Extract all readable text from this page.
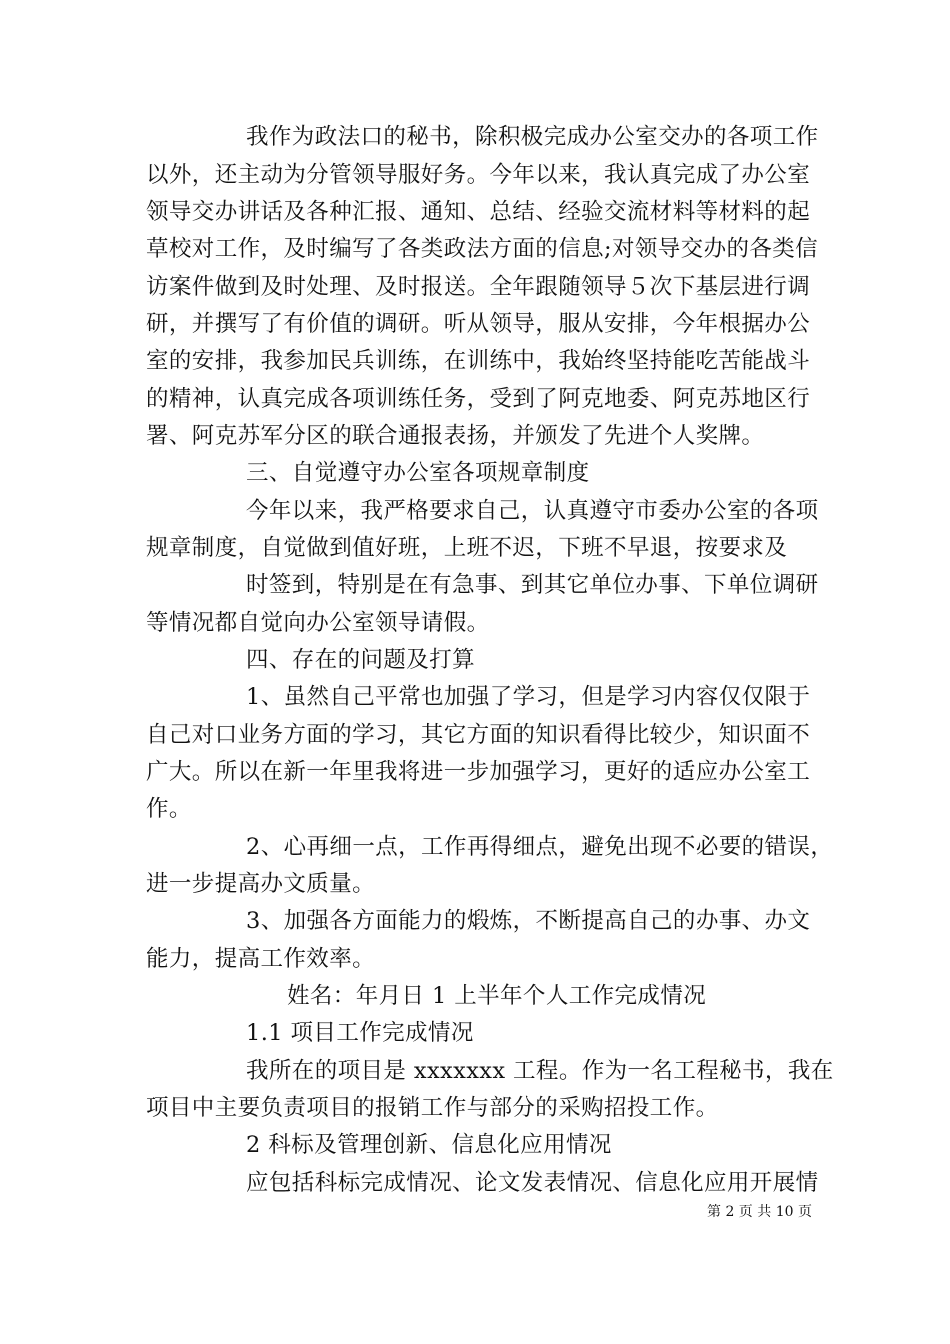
我作为政法口的秘书，除积极完成办公室交办的各项工作
以外，还主动为分管领导服好务。今年以来，我认真完成了办公室
领导交办讲话及各种汇报、通知、总结、经验交流材料等材料的起
草校对工作，及时编写了各类政法方面的信息;对领导交办的各类信
访案件做到及时处理、及时报送。全年跟随领导５次下基层进行调
研，并撰写了有价值的调研。听从领导，服从安排，今年根据办公
室的安排，我参加民兵训练，在训练中，我始终坚持能吃苦能战斗
的精神，认真完成各项训练任务，受到了阿克地委、阿克苏地区行
署、阿克苏军分区的联合通报表扬，并颁发了先进个人奖牌。
三、自觉遵守办公室各项规章制度
今年以来，我严格要求自己，认真遵守市委办公室的各项
规章制度，自觉做到值好班，上班不迟，下班不早退，按要求及
时签到，特别是在有急事、到其它单位办事、下单位调研
等情况都自觉向办公室领导请假。
四、存在的问题及打算
1、虽然自己平常也加强了学习，但是学习内容仅仅限于
自己对口业务方面的学习，其它方面的知识看得比较少，知识面不
广大。所以在新一年里我将进一步加强学习，更好的适应办公室工
作。
2、心再细一点，工作再得细点，避免出现不必要的错误，
进一步提高办文质量。
3、加强各方面能力的煅炼，不断提高自己的办事、办文
能力，提高工作效率。
姓名：年月日 1 上半年个人工作完成情况
1.1 项目工作完成情况
我所在的项目是 xxxxxxx 工程。作为一名工程秘书，我在
项目中主要负责项目的报销工作与部分的采购招投工作。
2 科标及管理创新、信息化应用情况
应包括科标完成情况、论文发表情况、信息化应用开展情
第 2 页 共 10 页
